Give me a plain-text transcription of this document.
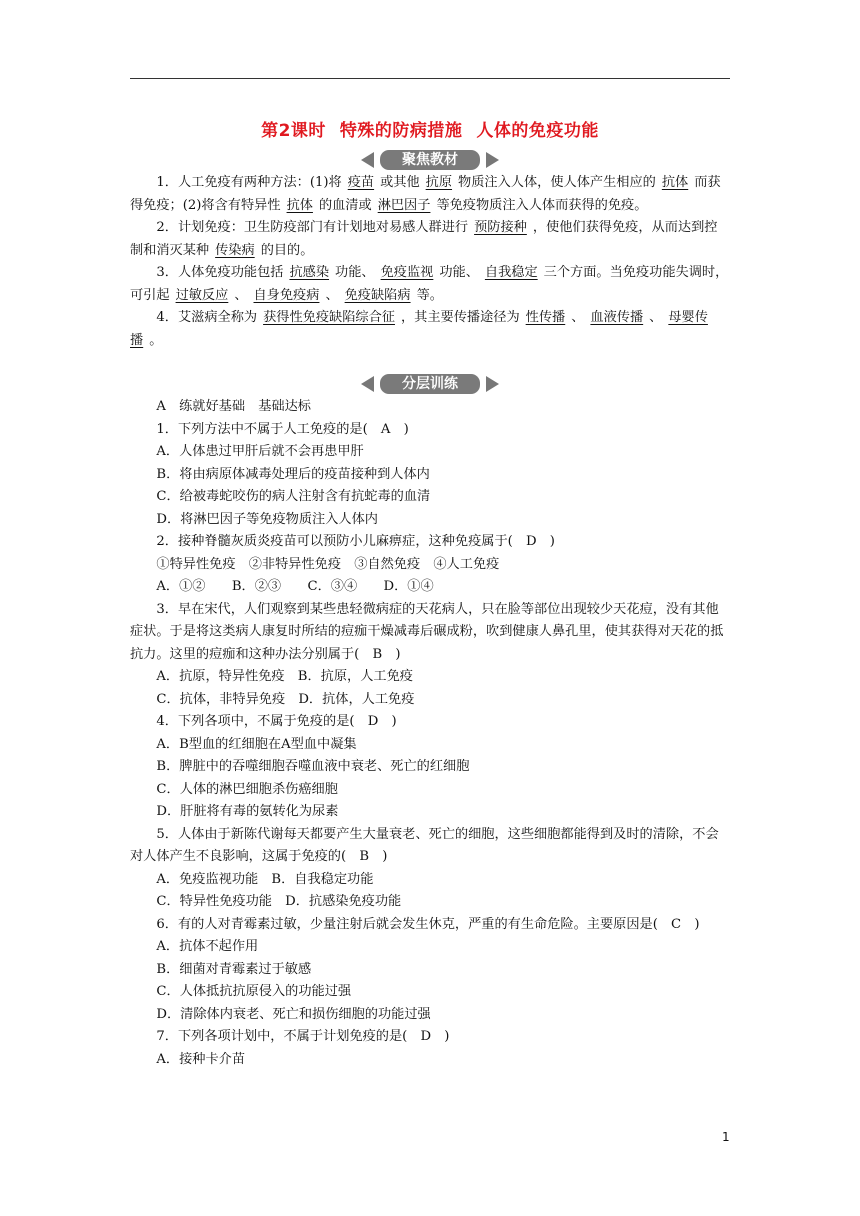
第2课时 特殊的防病措施 人体的免疫功能
聚焦教材

1．人工免疫有两种方法：(1)将 疫苗 或其他 抗原 物质注入人体，使人体产生相应的 抗体 而获得免疫；(2)将含有特异性 抗体 的血清或 淋巴因子 等免疫物质注入人体而获得的免疫。

2．计划免疫：卫生防疫部门有计划地对易感人群进行 预防接种 ，使他们获得免疫，从而达到控制和消灭某种 传染病 的目的。

3．人体免疫功能包括 抗感染 功能、 免疫监视 功能、 自我稳定 三个方面。当免疫功能失调时，可引起 过敏反应 、 自身免疫病 、 免疫缺陷病 等。

4．艾滋病全称为 获得性免疫缺陷综合征 ，其主要传播途径为 性传播 、 血液传播 、 母婴传播 。

分层训练

A　练就好基础　基础达标

1．下列方法中不属于人工免疫的是(　A　)

A．人体患过甲肝后就不会再患甲肝

B．将由病原体减毒处理后的疫苗接种到人体内

C．给被毒蛇咬伤的病人注射含有抗蛇毒的血清

D．将淋巴因子等免疫物质注入人体内

2．接种脊髓灰质炎疫苗可以预防小儿麻痹症，这种免疫属于(　D　)

①特异性免疫　②非特异性免疫　③自然免疫　④人工免疫

A．①②　　B．②③　　C．③④　　D．①④

3．早在宋代，人们观察到某些患轻微病症的天花病人，只在脸等部位出现较少天花痘，没有其他症状。于是将这类病人康复时所结的痘痂干燥减毒后碾成粉，吹到健康人鼻孔里，使其获得对天花的抵抗力。这里的痘痂和这种办法分别属于(　B　)

A．抗原，特异性免疫　B．抗原，人工免疫

C．抗体，非特异免疫　D．抗体，人工免疫

4．下列各项中，不属于免疫的是(　D　)

A．B型血的红细胞在A型血中凝集

B．脾脏中的吞噬细胞吞噬血液中衰老、死亡的红细胞

C．人体的淋巴细胞杀伤癌细胞

D．肝脏将有毒的氨转化为尿素

5．人体由于新陈代谢每天都要产生大量衰老、死亡的细胞，这些细胞都能得到及时的清除，不会对人体产生不良影响，这属于免疫的(　B　)

A．免疫监视功能　B．自我稳定功能

C．特异性免疫功能　D．抗感染免疫功能

6．有的人对青霉素过敏，少量注射后就会发生休克，严重的有生命危险。主要原因是(　C　)

A．抗体不起作用

B．细菌对青霉素过于敏感

C．人体抵抗抗原侵入的功能过强

D．清除体内衰老、死亡和损伤细胞的功能过强

7．下列各项计划中，不属于计划免疫的是(　D　)

A．接种卡介苗

1
